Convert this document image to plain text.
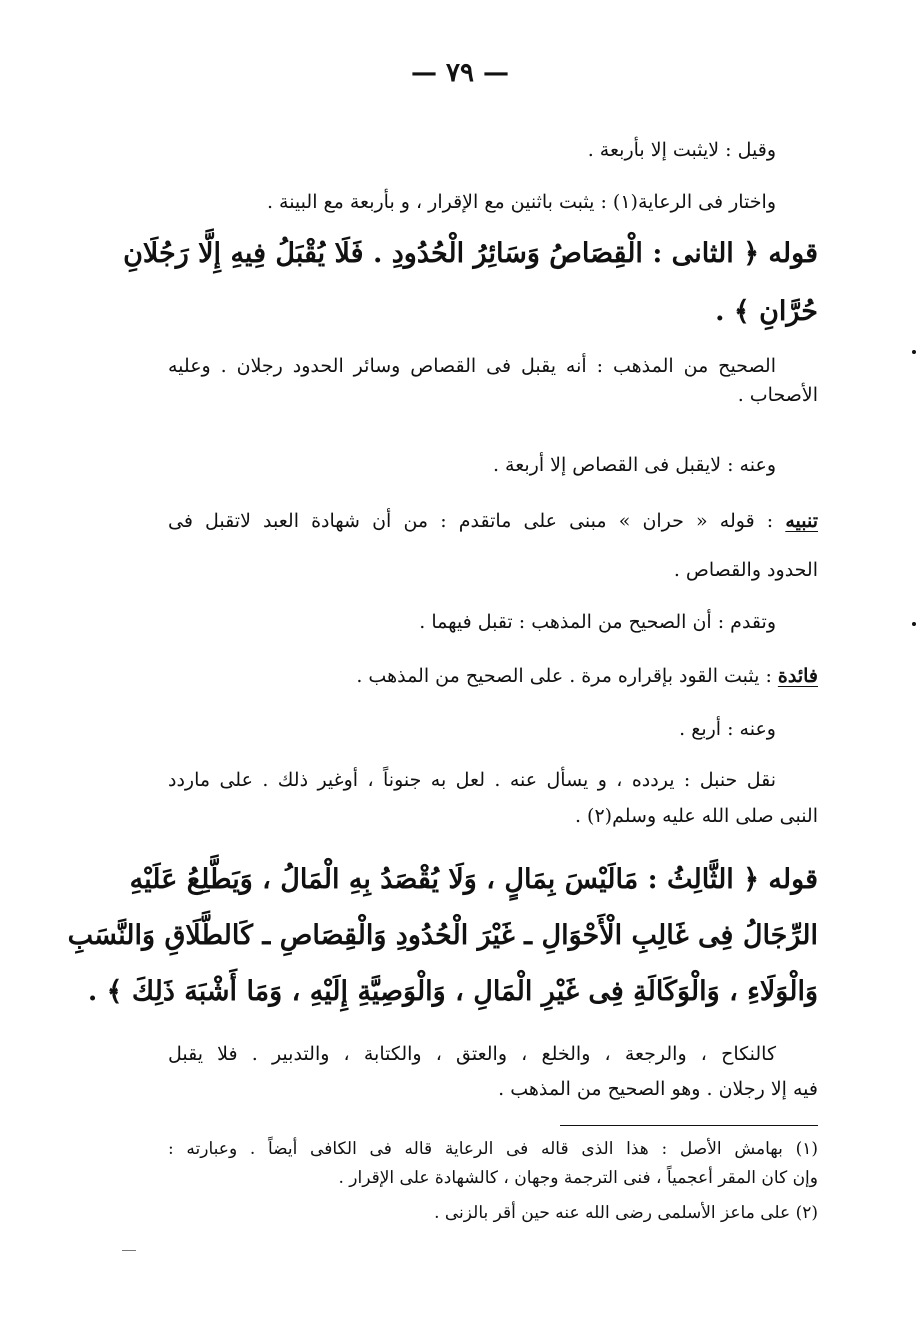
— ٧٩ —
وقيل : لايثبت إلا بأربعة .
واختار فى الرعاية(١) : يثبت باثنين مع الإقرار ، و بأربعة مع البينة .
قوله ﴿ الثانى : الْقِصَاصُ وَسَائِرُ الْحُدُودِ . فَلَا يُقْبَلُ فِيهِ إِلَّا رَجُلَانِ
حُرَّانِ ﴾ .
الصحيح من المذهب : أنه يقبل فى القصاص وسائر الحدود رجلان . وعليه
الأصحاب .
وعنه : لايقبل فى القصاص إلا أربعة .
تنبيه : قوله « حران » مبنى على ماتقدم : من أن شهادة العبد لاتقبل فى
الحدود والقصاص .
وتقدم : أن الصحيح من المذهب : تقبل فيهما .
فائدة : يثبت القود بإقراره مرة . على الصحيح من المذهب .
وعنه : أربع .
نقل حنبل : يردده ، و يسأل عنه . لعل به جنوناً ، أوغير ذلك . على ماردد
النبى صلى الله عليه وسلم(٢) .
قوله ﴿ الثَّالِثُ : مَالَيْسَ بِمَالٍ ، وَلَا يُقْصَدُ بِهِ الْمَالُ ، وَيَطَّلِعُ عَلَيْهِ
الرِّجَالُ فِى غَالِبِ الْأَحْوَالِ ـ غَيْرَ الْحُدُودِ وَالْقِصَاصِ ـ كَالطَّلَاقِ وَالنَّسَبِ
وَالْوَلَاءِ ، وَالْوَكَالَةِ فِى غَيْرِ الْمَالِ ، وَالْوَصِيَّةِ إِلَيْهِ ، وَمَا أَشْبَهَ ذَلِكَ ﴾ .
كالنكاح ، والرجعة ، والخلع ، والعتق ، والكتابة ، والتدبير . فلا يقبل
فيه إلا رجلان . وهو الصحيح من المذهب .
(١) بهامش الأصل : هذا الذى قاله فى الرعاية قاله فى الكافى أيضاً . وعبارته :
وإن كان المقر أعجمياً ، فنى الترجمة وجهان ، كالشهادة على الإقرار .
(٢) على ماعز الأسلمى رضى الله عنه حين أقر بالزنى .
